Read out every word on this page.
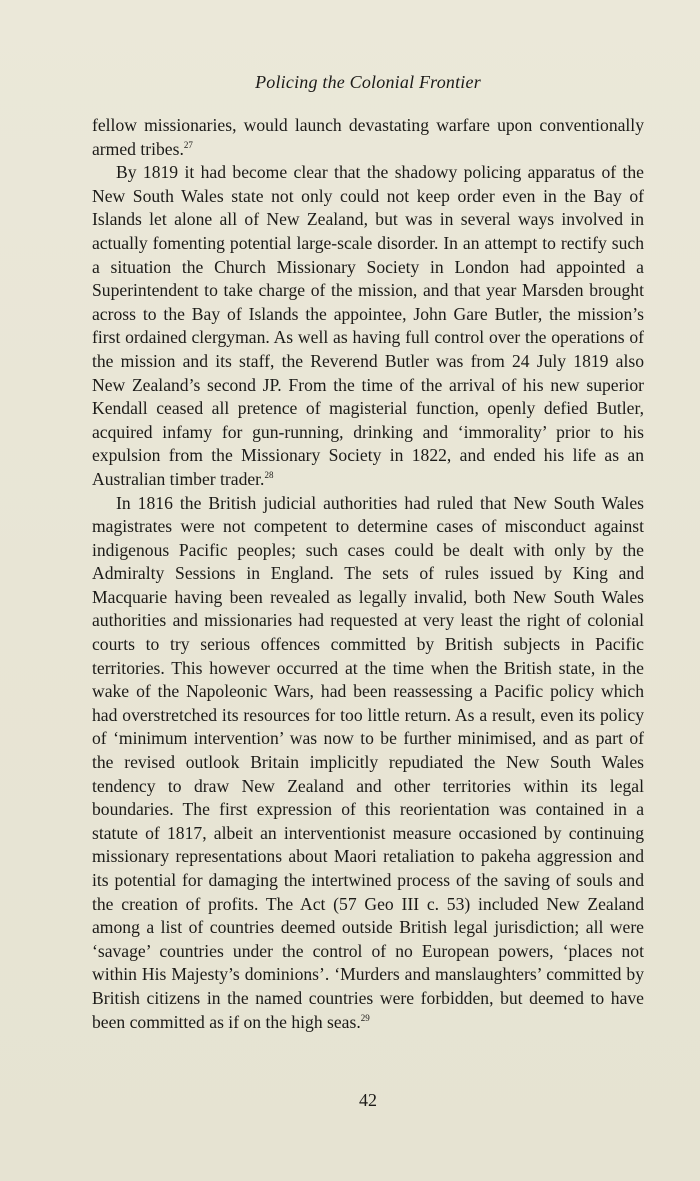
Policing the Colonial Frontier

fellow missionaries, would launch devastating warfare upon conventionally armed tribes.$^{27}$

By 1819 it had become clear that the shadowy policing apparatus of the New South Wales state not only could not keep order even in the Bay of Islands let alone all of New Zealand, but was in several ways involved in actually fomenting potential large-scale disorder. In an attempt to rectify such a situation the Church Missionary Society in London had appointed a Superintendent to take charge of the mission, and that year Marsden brought across to the Bay of Islands the appointee, John Gare Butler, the mission’s first ordained clergyman. As well as having full control over the operations of the mission and its staff, the Reverend Butler was from 24 July 1819 also New Zealand’s second JP. From the time of the arrival of his new superior Kendall ceased all pretence of magisterial function, openly defied Butler, acquired infamy for gun-running, drinking and ‘immorality’ prior to his expulsion from the Missionary Society in 1822, and ended his life as an Australian timber trader.$^{28}$

In 1816 the British judicial authorities had ruled that New South Wales magistrates were not competent to determine cases of misconduct against indigenous Pacific peoples; such cases could be dealt with only by the Admiralty Sessions in England. The sets of rules issued by King and Macquarie having been revealed as legally invalid, both New South Wales authorities and missionaries had requested at very least the right of colonial courts to try serious offences committed by British subjects in Pacific territories. This however occurred at the time when the British state, in the wake of the Napoleonic Wars, had been reassessing a Pacific policy which had overstretched its resources for too little return. As a result, even its policy of ‘minimum intervention’ was now to be further minimised, and as part of the revised outlook Britain implicitly repudiated the New South Wales tendency to draw New Zealand and other territories within its legal boundaries. The first expression of this reorientation was contained in a statute of 1817, albeit an interventionist measure occasioned by continuing missionary representations about Maori retaliation to pakeha aggression and its potential for damaging the intertwined process of the saving of souls and the creation of profits. The Act (57 Geo III c. 53) included New Zealand among a list of countries deemed outside British legal jurisdiction; all were ‘savage’ countries under the control of no European powers, ‘places not within His Majesty’s dominions’. ‘Murders and manslaughters’ committed by British citizens in the named countries were forbidden, but deemed to have been committed as if on the high seas.$^{29}$

42
